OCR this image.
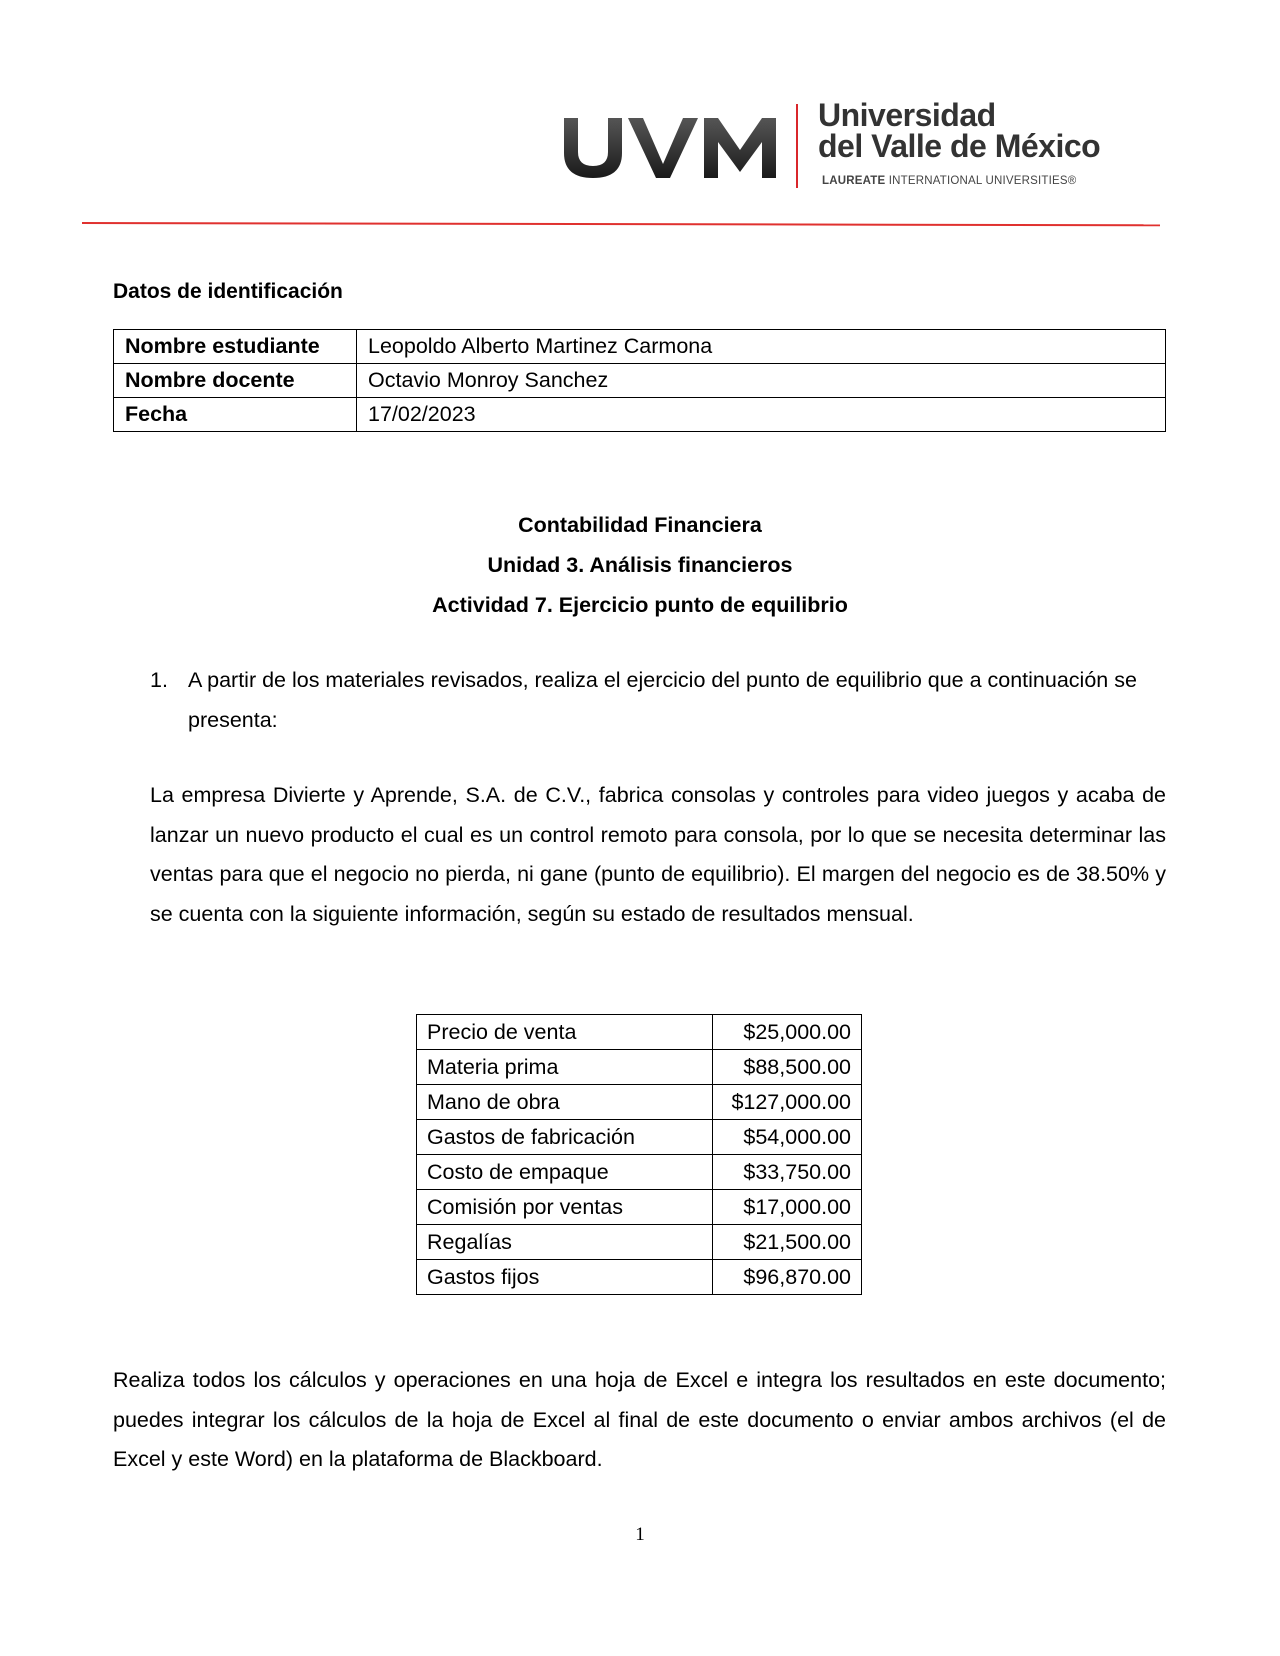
Universidad
del Valle de México
LAUREATE INTERNATIONAL UNIVERSITIES®
Datos de identificación
Nombre estudiante	Leopoldo Alberto Martinez Carmona
Nombre docente	Octavio Monroy Sanchez
Fecha	17/02/2023
Contabilidad Financiera
Unidad 3. Análisis financieros
Actividad 7. Ejercicio punto de equilibrio
1. A partir de los materiales revisados, realiza el ejercicio del punto de equilibrio que a continuación se presenta:
La empresa Divierte y Aprende, S.A. de C.V., fabrica consolas y controles para video juegos y acaba de lanzar un nuevo producto el cual es un control remoto para consola, por lo que se necesita determinar las ventas para que el negocio no pierda, ni gane (punto de equilibrio). El margen del negocio es de 38.50% y se cuenta con la siguiente información, según su estado de resultados mensual.
Precio de venta	$25,000.00
Materia prima	$88,500.00
Mano de obra	$127,000.00
Gastos de fabricación	$54,000.00
Costo de empaque	$33,750.00
Comisión por ventas	$17,000.00
Regalías	$21,500.00
Gastos fijos	$96,870.00
Realiza todos los cálculos y operaciones en una hoja de Excel e integra los resultados en este documento; puedes integrar los cálculos de la hoja de Excel al final de este documento o enviar ambos archivos (el de Excel y este Word) en la plataforma de Blackboard.
1
